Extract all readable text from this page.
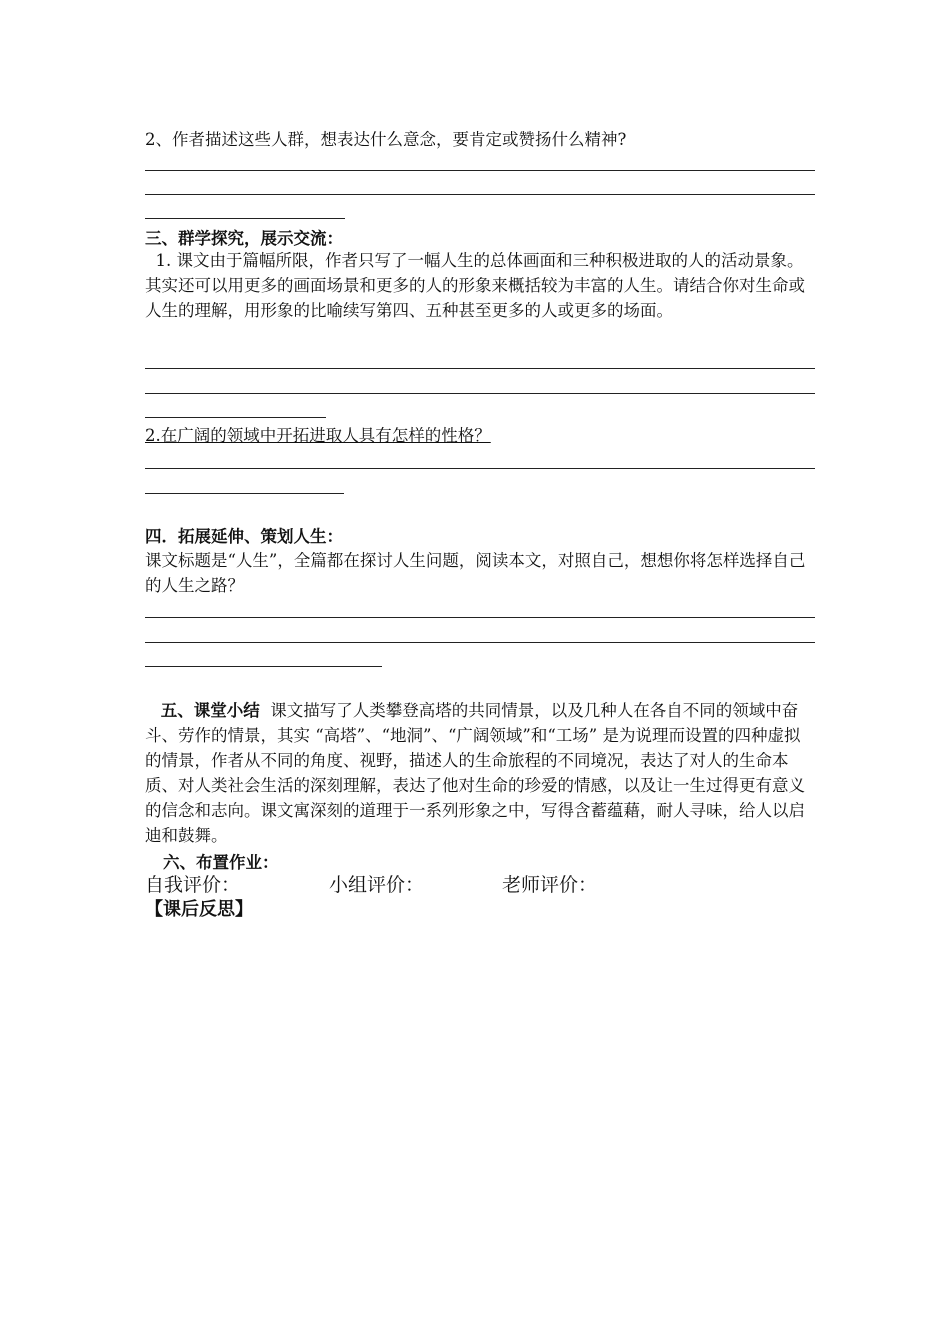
2、作者描述这些人群，想表达什么意念，要肯定或赞扬什么精神?
三、群学探究，展示交流：
1. 课文由于篇幅所限，作者只写了一幅人生的总体画面和三种积极进取的人的活动景象。其实还可以用更多的画面场景和更多的人的形象来概括较为丰富的人生。请结合你对生命或人生的理解，用形象的比喻续写第四、五种甚至更多的人或更多的场面。
2.在广阔的领域中开拓进取人具有怎样的性格？
四．拓展延伸、策划人生：
课文标题是“人生”，全篇都在探讨人生问题，阅读本文，对照自己，想想你将怎样选择自己的人生之路？
五、课堂小结 课文描写了人类攀登高塔的共同情景，以及几种人在各自不同的领域中奋斗、劳作的情景，其实 “高塔”、“地洞”、“广阔领域”和“工场” 是为说理而设置的四种虚拟的情景，作者从不同的角度、视野，描述人的生命旅程的不同境况，表达了对人的生命本质、对人类社会生活的深刻理解，表达了他对生命的珍爱的情感，以及让一生过得更有意义的信念和志向。课文寓深刻的道理于一系列形象之中，写得含蓄蕴藉，耐人寻味，给人以启迪和鼓舞。
六、布置作业：
自我评价：	小组评价：	老师评价：
【课后反思】
